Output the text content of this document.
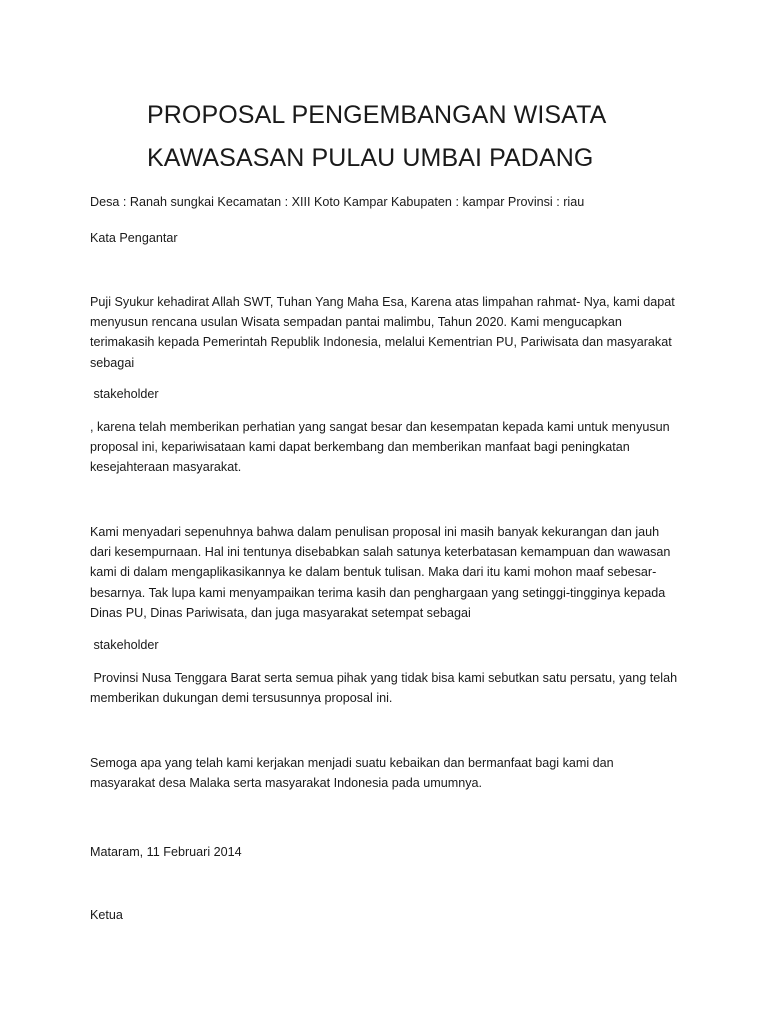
PROPOSAL PENGEMBANGAN WISATA
KAWASASAN PULAU UMBAI PADANG

Desa : Ranah sungkai Kecamatan : XIII Koto Kampar Kabupaten : kampar Provinsi : riau

Kata Pengantar

Puji Syukur kehadirat Allah SWT, Tuhan Yang Maha Esa, Karena atas limpahan rahmat- Nya, kami dapat menyusun rencana usulan Wisata sempadan pantai malimbu, Tahun 2020. Kami mengucapkan terimakasih kepada Pemerintah Republik Indonesia, melalui Kementrian PU, Pariwisata dan masyarakat sebagai

stakeholder

, karena telah memberikan perhatian yang sangat besar dan kesempatan kepada kami untuk menyusun proposal ini, kepariwisataan kami dapat berkembang dan memberikan manfaat bagi peningkatan kesejahteraan masyarakat.

Kami menyadari sepenuhnya bahwa dalam penulisan proposal ini masih banyak kekurangan dan jauh dari kesempurnaan. Hal ini tentunya disebabkan salah satunya keterbatasan kemampuan dan wawasan kami di dalam mengaplikasikannya ke dalam bentuk tulisan. Maka dari itu kami mohon maaf sebesar-besarnya. Tak lupa kami menyampaikan terima kasih dan penghargaan yang setinggi-tingginya kepada Dinas PU, Dinas Pariwisata, dan juga masyarakat setempat sebagai

stakeholder

Provinsi Nusa Tenggara Barat serta semua pihak yang tidak bisa kami sebutkan satu persatu, yang telah memberikan dukungan demi tersusunnya proposal ini.

Semoga apa yang telah kami kerjakan menjadi suatu kebaikan dan bermanfaat bagi kami dan masyarakat desa Malaka serta masyarakat Indonesia pada umumnya.

Mataram, 11 Februari 2014

Ketua
